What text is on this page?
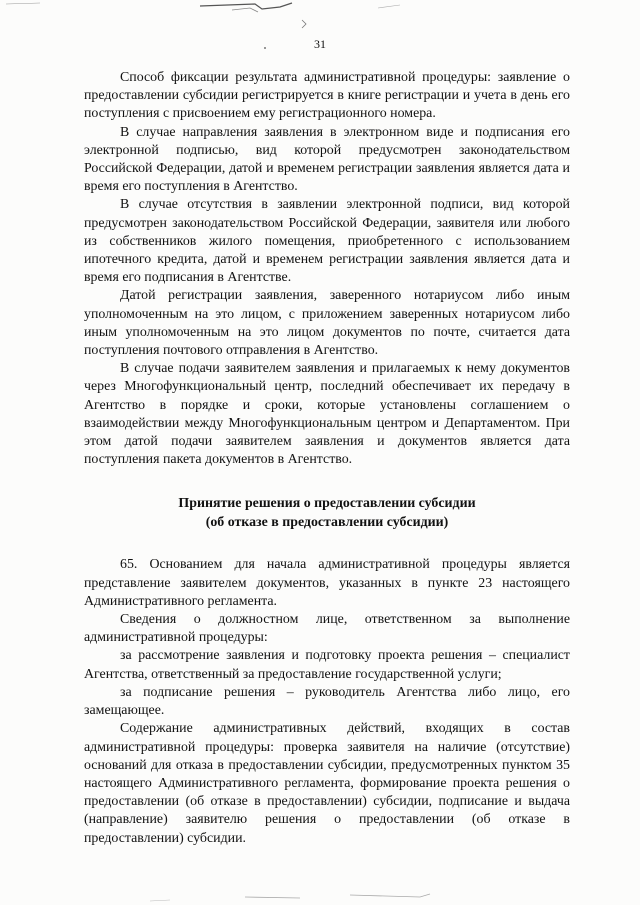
31

Способ фиксации результата административной процедуры: заявление о предоставлении субсидии регистрируется в книге регистрации и учета в день его поступления с присвоением ему регистрационного номера.

В случае направления заявления в электронном виде и подписания его электронной подписью, вид которой предусмотрен законодательством Российской Федерации, датой и временем регистрации заявления является дата и время его поступления в Агентство.

В случае отсутствия в заявлении электронной подписи, вид которой предусмотрен законодательством Российской Федерации, заявителя или любого из собственников жилого помещения, приобретенного с использованием ипотечного кредита, датой и временем регистрации заявления является дата и время его подписания в Агентстве.

Датой регистрации заявления, заверенного нотариусом либо иным уполномоченным на это лицом, с приложением заверенных нотариусом либо иным уполномоченным на это лицом документов по почте, считается дата поступления почтового отправления в Агентство.

В случае подачи заявителем заявления и прилагаемых к нему документов через Многофункциональный центр, последний обеспечивает их передачу в Агентство в порядке и сроки, которые установлены соглашением о взаимодействии между Многофункциональным центром и Департаментом. При этом датой подачи заявителем заявления и документов является дата поступления пакета документов в Агентство.

Принятие решения о предоставлении субсидии
(об отказе в предоставлении субсидии)

65. Основанием для начала административной процедуры является представление заявителем документов, указанных в пункте 23 настоящего Административного регламента.

Сведения о должностном лице, ответственном за выполнение административной процедуры:

за рассмотрение заявления и подготовку проекта решения – специалист Агентства, ответственный за предоставление государственной услуги;

за подписание решения – руководитель Агентства либо лицо, его замещающее.

Содержание административных действий, входящих в состав административной процедуры: проверка заявителя на наличие (отсутствие) оснований для отказа в предоставлении субсидии, предусмотренных пунктом 35 настоящего Административного регламента, формирование проекта решения о предоставлении (об отказе в предоставлении) субсидии, подписание и выдача (направление) заявителю решения о предоставлении (об отказе в предоставлении) субсидии.
